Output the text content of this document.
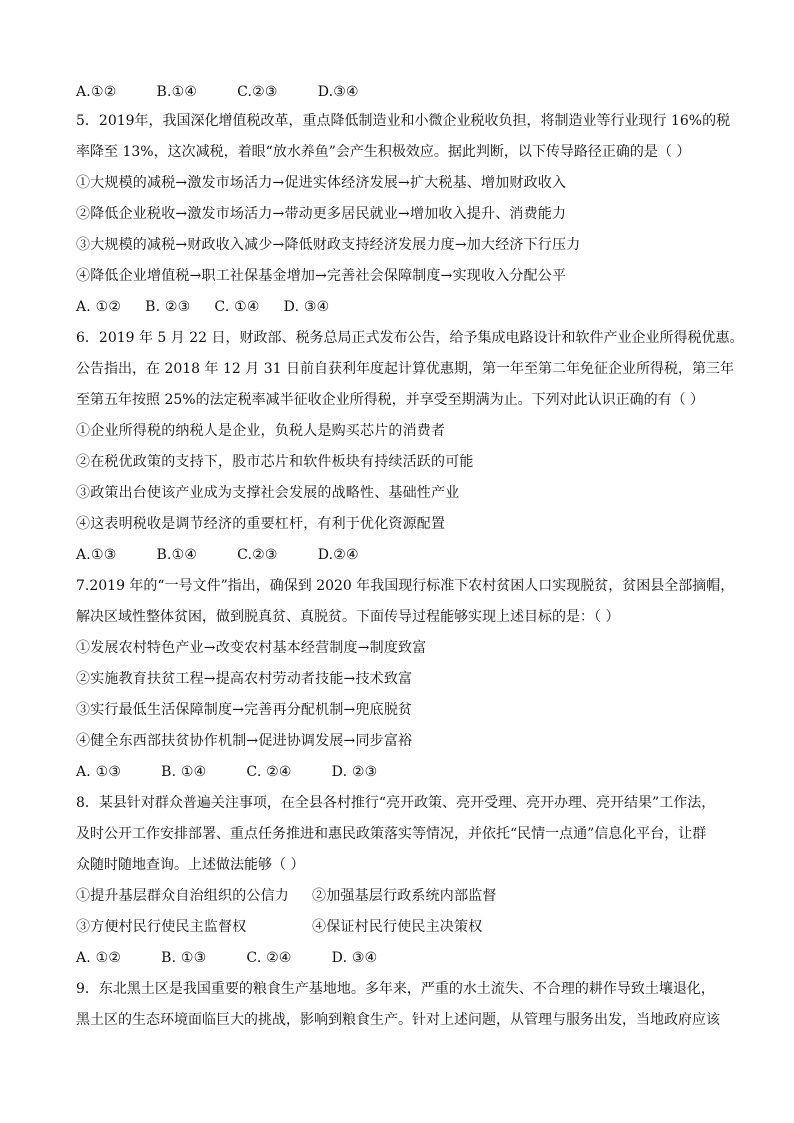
A.①②	B.①④	C.②③	D.③④
5．2019年，我国深化增值税改革，重点降低制造业和小微企业税收负担，将制造业等行业现行 16%的税
率降至 13%，这次减税，着眼“放水养鱼”会产生积极效应。据此判断，以下传导路径正确的是（ ）
①大规模的减税→激发市场活力→促进实体经济发展→扩大税基、增加财政收入
②降低企业税收→激发市场活力→带动更多居民就业→增加收入提升、消费能力
③大规模的减税→财政收入减少→降低财政支持经济发展力度→加大经济下行压力
④降低企业增值税→职工社保基金增加→完善社会保障制度→实现收入分配公平
A. ①② B. ②③ C. ①④ D. ③④
6．2019 年 5 月 22 日，财政部、税务总局正式发布公告，给予集成电路设计和软件产业企业所得税优惠。
公告指出，在 2018 年 12 月 31 日前自获利年度起计算优惠期，第一年至第二年免征企业所得税，第三年
至第五年按照 25%的法定税率减半征收企业所得税，并享受至期满为止。下列对此认识正确的有（ ）
①企业所得税的纳税人是企业，负税人是购买芯片的消费者
②在税优政策的支持下，股市芯片和软件板块有持续活跃的可能
③政策出台使该产业成为支撑社会发展的战略性、基础性产业
④这表明税收是调节经济的重要杠杆，有利于优化资源配置
A.①③	B.①④	C.②③	D.②④
7.2019 年的“一号文件”指出，确保到 2020 年我国现行标准下农村贫困人口实现脱贫，贫困县全部摘帽，
解决区域性整体贫困，做到脱真贫、真脱贫。下面传导过程能够实现上述目标的是：（ ）
①发展农村特色产业→改变农村基本经营制度→制度致富
②实施教育扶贫工程→提高农村劳动者技能→技术致富
③实行最低生活保障制度→完善再分配机制→兜底脱贫
④健全东西部扶贫协作机制→促进协调发展→同步富裕
A. ①③	B. ①④	C. ②④	D. ②③
8．某县针对群众普遍关注事项，在全县各村推行“亮开政策、亮开受理、亮开办理、亮开结果”工作法，
及时公开工作安排部署、重点任务推进和惠民政策落实等情况，并依托“民情一点通”信息化平台，让群
众随时随地查询。上述做法能够（ ）
①提升基层群众自治组织的公信力 ②加强基层行政系统内部监督
③方便村民行使民主监督权	④保证村民行使民主决策权
A. ①②	B. ①③	C. ②④	D. ③④
9．东北黑土区是我国重要的粮食生产基地地。多年来，严重的水土流失、不合理的耕作导致土壤退化，
黑土区的生态环境面临巨大的挑战，影响到粮食生产。针对上述问题，从管理与服务出发，当地政府应该
